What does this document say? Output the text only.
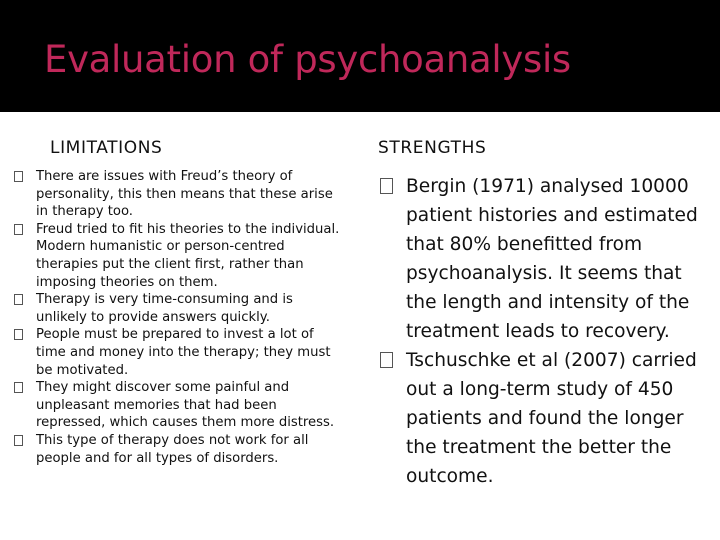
Evaluation of psychoanalysis
LIMITATIONS	STRENGTHS
There are issues with Freud’s theory of personality, this then means that these arise in therapy too.
Freud tried to fit his theories to the individual. Modern humanistic or person-centred therapies put the client first, rather than imposing theories on them.
Therapy is very time-consuming and is unlikely to provide answers quickly.
People must be prepared to invest a lot of time and money into the therapy; they must be motivated.
They might discover some painful and unpleasant memories that had been repressed, which causes them more distress.
This type of therapy does not work for all people and for all types of disorders.
Bergin (1971) analysed 10000 patient histories and estimated that 80% benefitted from psychoanalysis. It seems that the length and intensity of the treatment leads to recovery.
Tschuschke et al (2007) carried out a long-term study of 450 patients and found the longer the treatment the better the outcome.
